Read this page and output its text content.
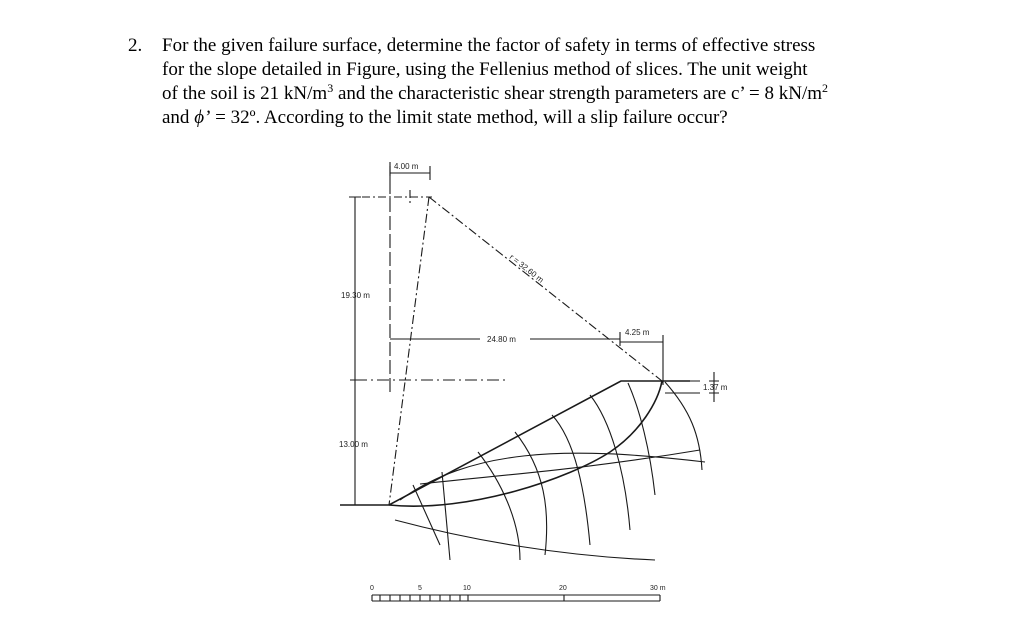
2. For the given failure surface, determine the factor of safety in terms of effective stress
for the slope detailed in Figure, using the Fellenius method of slices. The unit weight
of the soil is 21 $kN/m^3$ and the characteristic shear strength parameters are c’ = 8 $kN/m^2$
and ϕ’ = 32º. According to the limit state method, will a slip failure occur?
4.00 m
19.30 m
13.00 m
r = 32.60 m
24.80 m
4.25 m
1.37 m
0	5	10	20	30 m
